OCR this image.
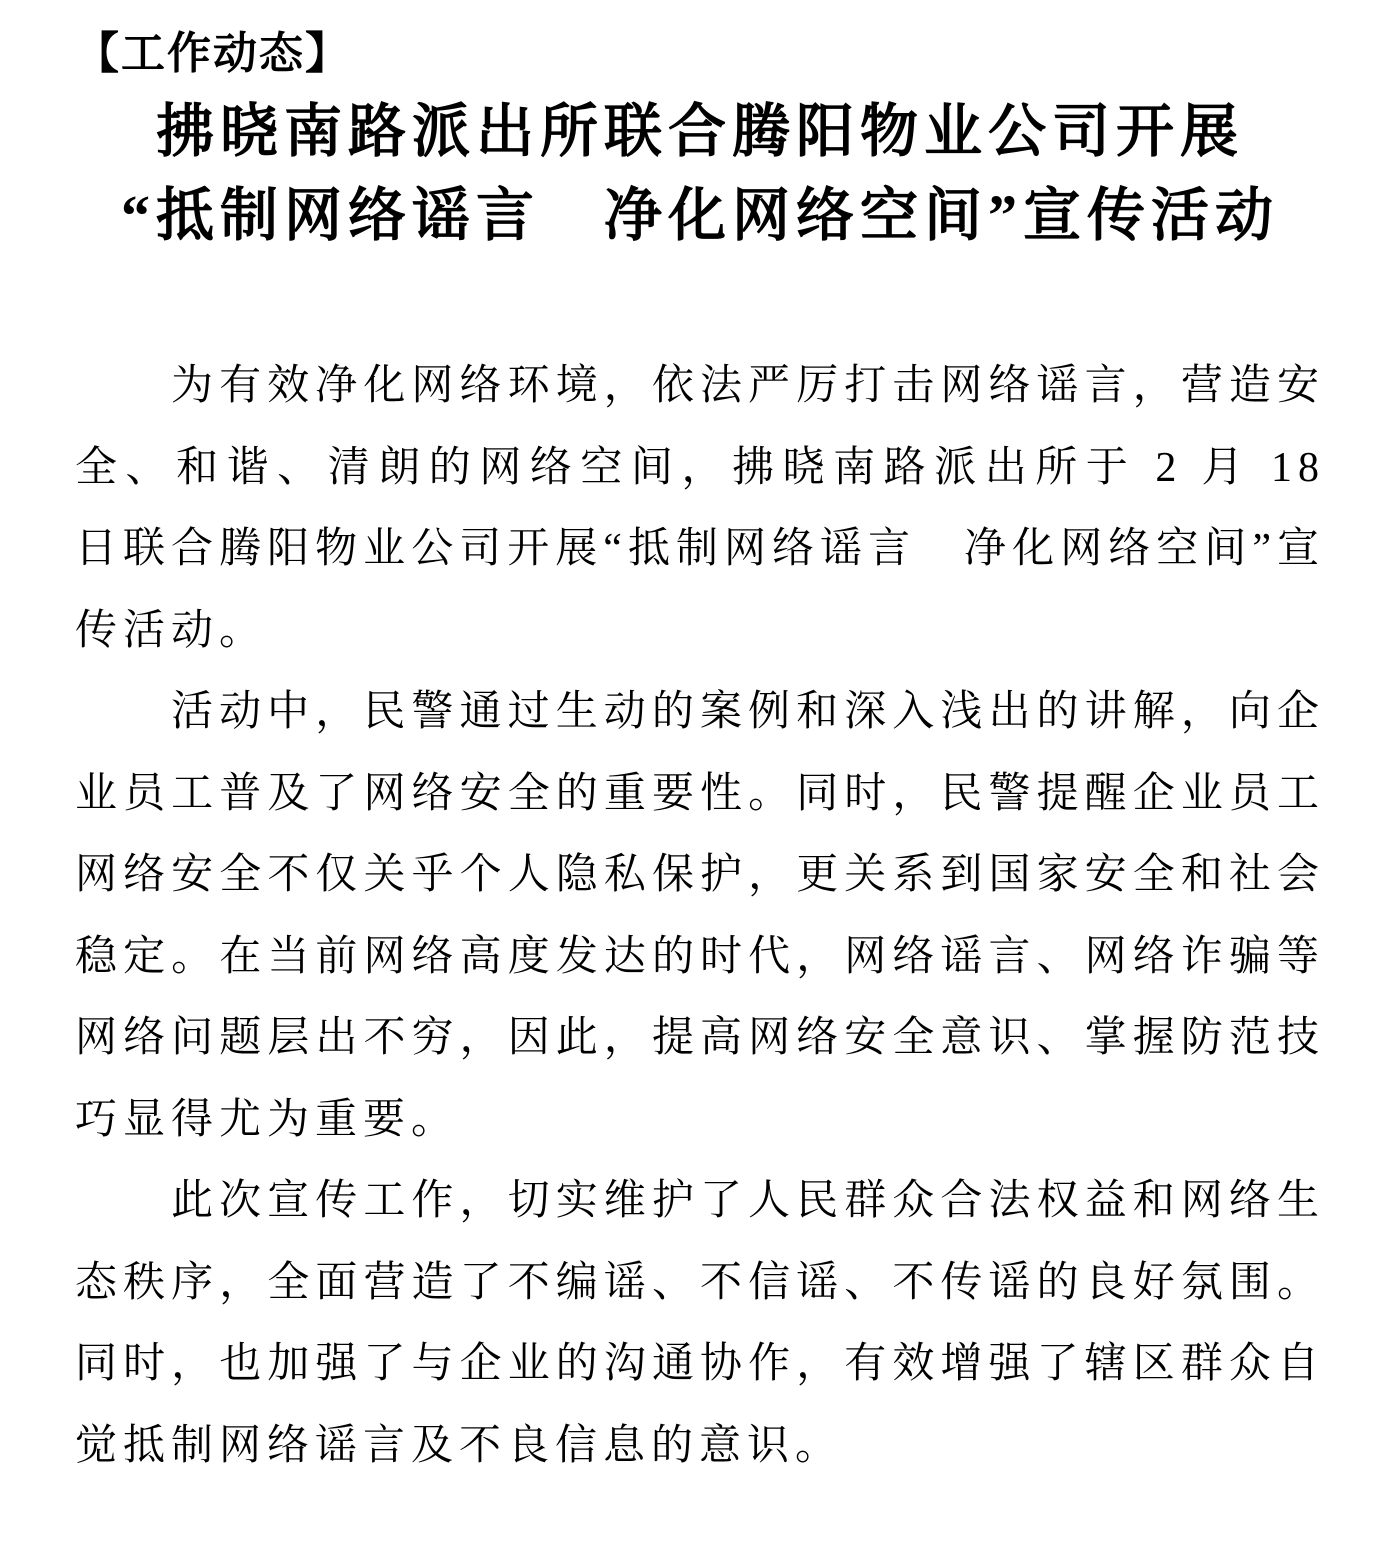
【工作动态】
拂晓南路派出所联合腾阳物业公司开展
“抵制网络谣言　净化网络空间”宣传活动

为有效净化网络环境，依法严厉打击网络谣言，营造安全、和谐、清朗的网络空间，拂晓南路派出所于 2 月 18 日联合腾阳物业公司开展“抵制网络谣言　净化网络空间”宣传活动。

活动中，民警通过生动的案例和深入浅出的讲解，向企业员工普及了网络安全的重要性。同时，民警提醒企业员工网络安全不仅关乎个人隐私保护，更关系到国家安全和社会稳定。在当前网络高度发达的时代，网络谣言、网络诈骗等网络问题层出不穷，因此，提高网络安全意识、掌握防范技巧显得尤为重要。

此次宣传工作，切实维护了人民群众合法权益和网络生态秩序，全面营造了不编谣、不信谣、不传谣的良好氛围。同时，也加强了与企业的沟通协作，有效增强了辖区群众自觉抵制网络谣言及不良信息的意识。
